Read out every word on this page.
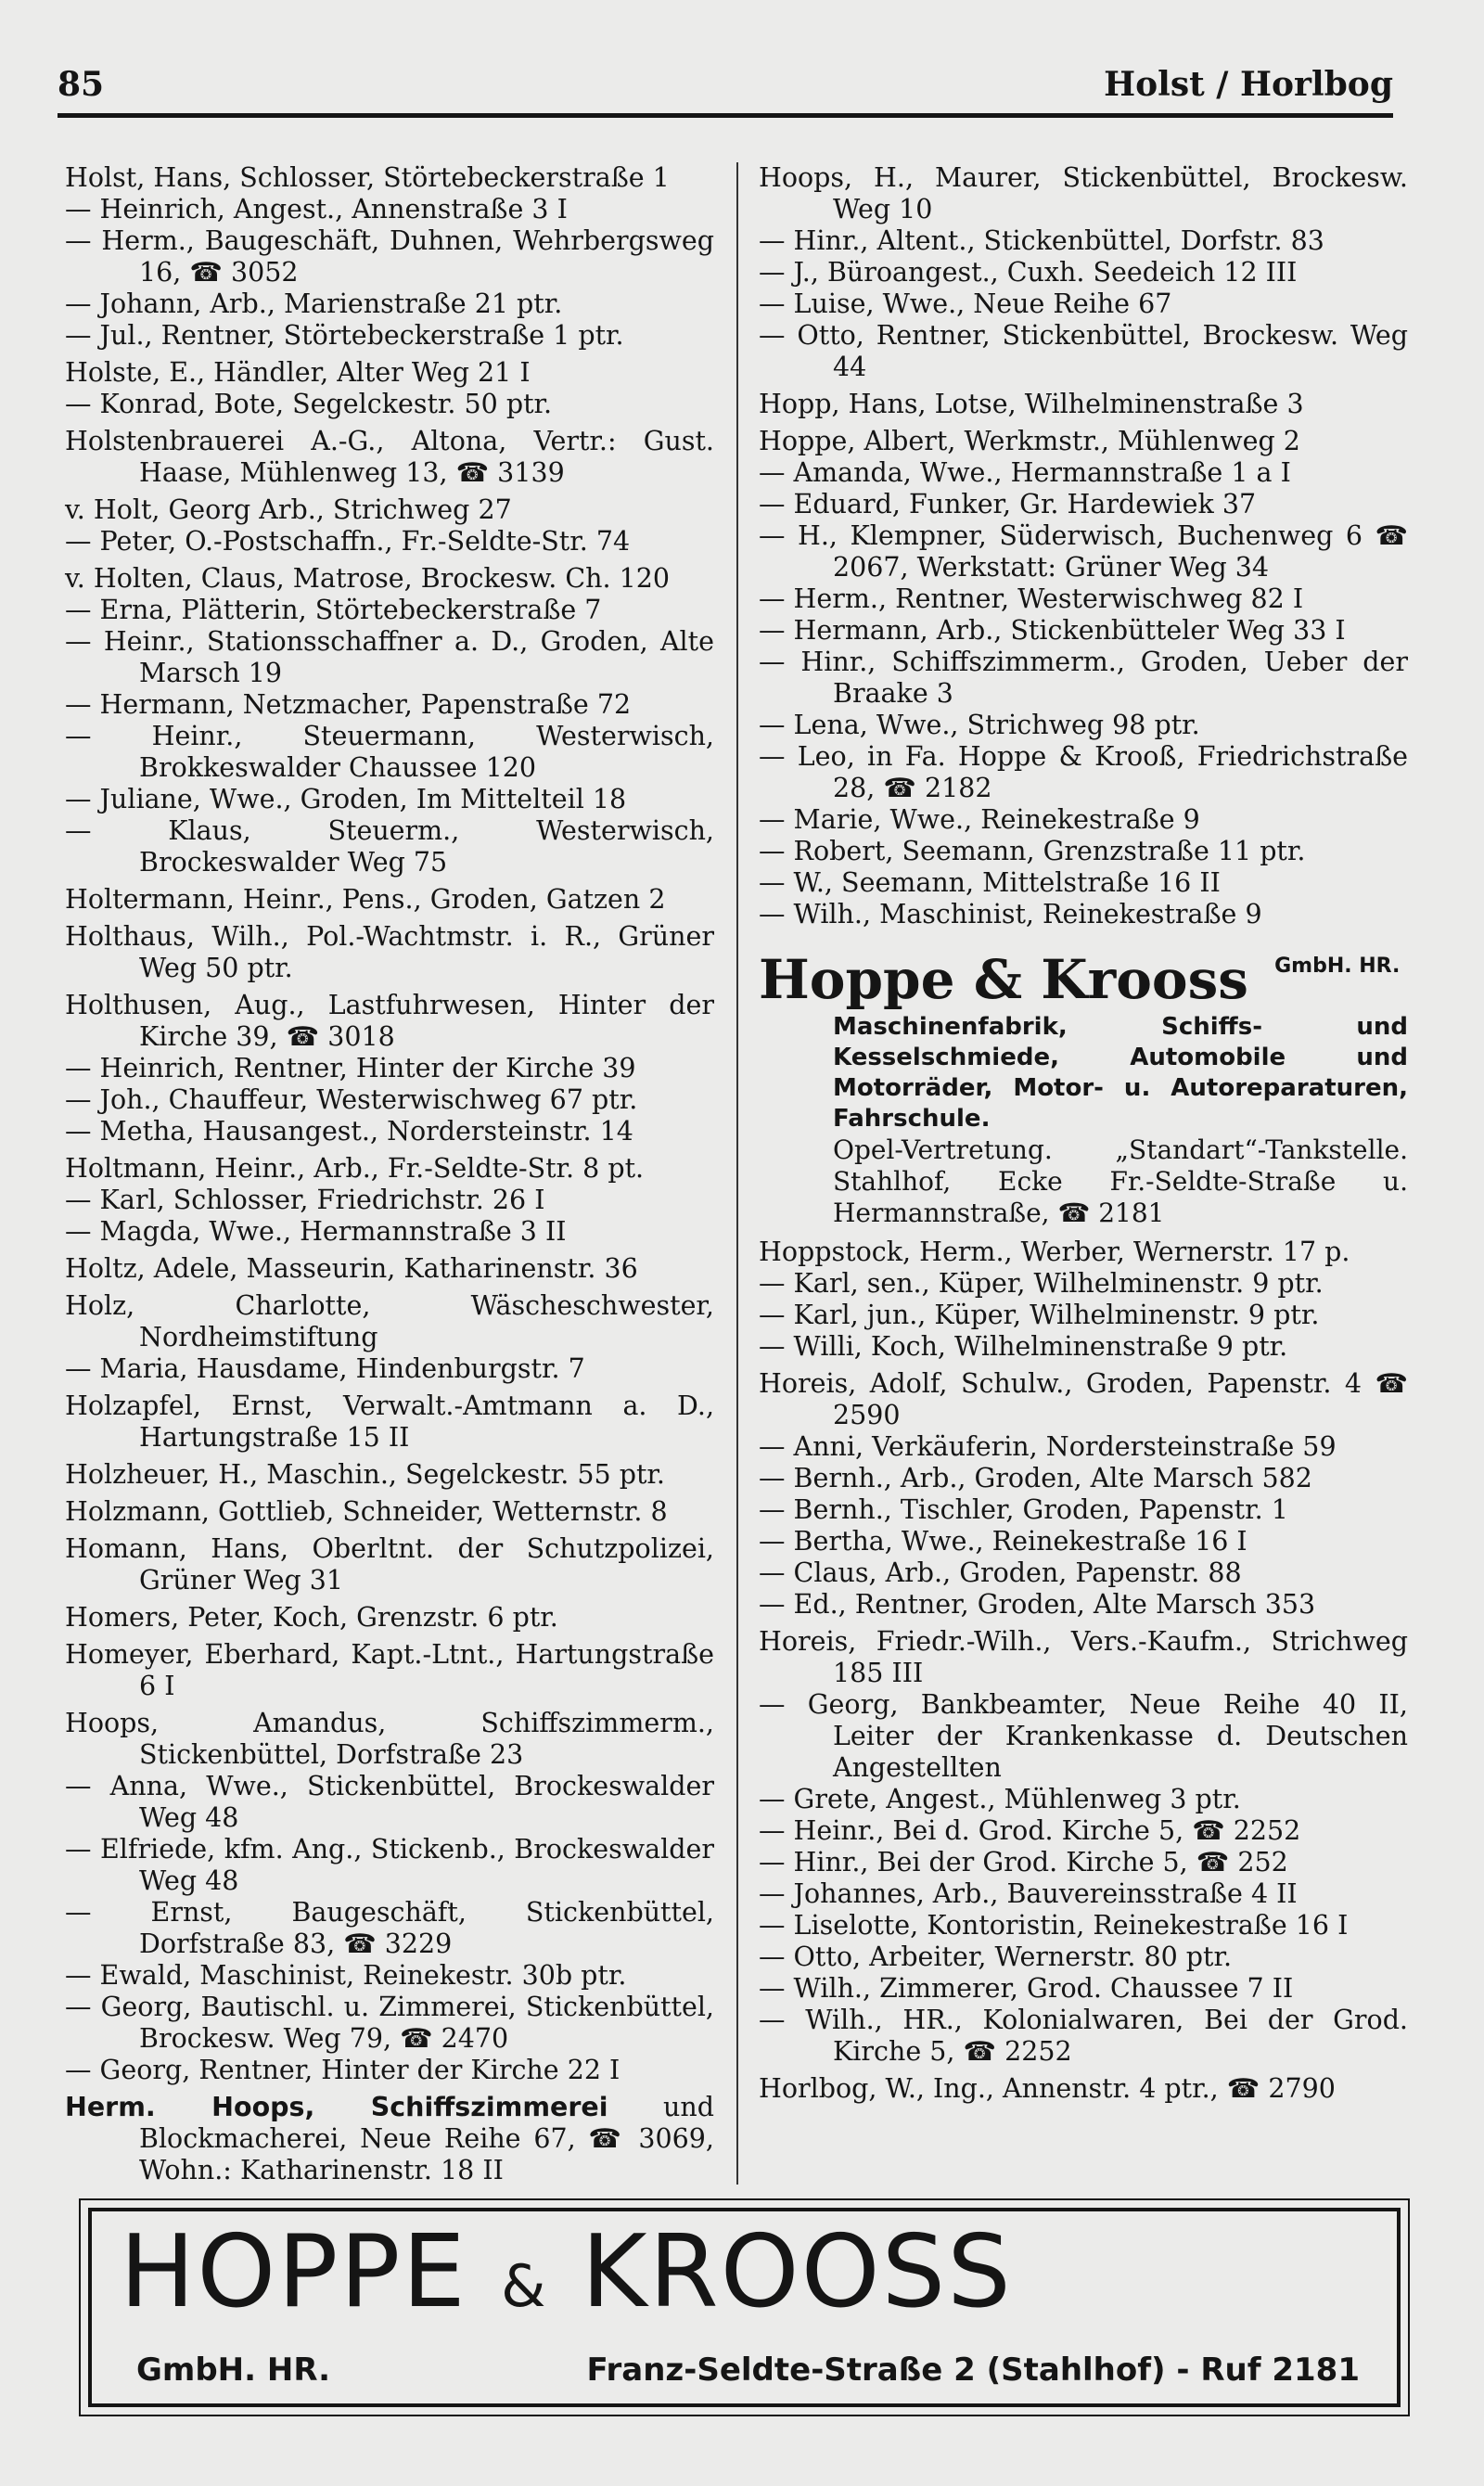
85	Holst / Horlbog
Holst, Hans, Schlosser, Störtebeckerstraße 1
— Heinrich, Angest., Annenstraße 3 I
— Herm., Baugeschäft, Duhnen, Wehrbergsweg 16, ☎ 3052
— Johann, Arb., Marienstraße 21 ptr.
— Jul., Rentner, Störtebeckerstraße 1 ptr.
Holste, E., Händler, Alter Weg 21 I
— Konrad, Bote, Segelckestr. 50 ptr.
Holstenbrauerei A.-G., Altona, Vertr.: Gust. Haase, Mühlenweg 13, ☎ 3139
v. Holt, Georg Arb., Strichweg 27
— Peter, O.-Postschaffn., Fr.-Seldte-Str. 74
v. Holten, Claus, Matrose, Brockesw. Ch. 120
— Erna, Plätterin, Störtebeckerstraße 7
— Heinr., Stationsschaffner a. D., Groden, Alte Marsch 19
— Hermann, Netzmacher, Papenstraße 72
— Heinr., Steuermann, Westerwisch, Brokkeswalder Chaussee 120
— Juliane, Wwe., Groden, Im Mittelteil 18
— Klaus, Steuerm., Westerwisch, Brockeswalder Weg 75
Holtermann, Heinr., Pens., Groden, Gatzen 2
Holthaus, Wilh., Pol.-Wachtmstr. i. R., Grüner Weg 50 ptr.
Holthusen, Aug., Lastfuhrwesen, Hinter der Kirche 39, ☎ 3018
— Heinrich, Rentner, Hinter der Kirche 39
— Joh., Chauffeur, Westerwischweg 67 ptr.
— Metha, Hausangest., Nordersteinstr. 14
Holtmann, Heinr., Arb., Fr.-Seldte-Str. 8 pt.
— Karl, Schlosser, Friedrichstr. 26 I
— Magda, Wwe., Hermannstraße 3 II
Holtz, Adele, Masseurin, Katharinenstr. 36
Holz, Charlotte, Wäscheschwester, Nordheimstiftung
— Maria, Hausdame, Hindenburgstr. 7
Holzapfel, Ernst, Verwalt.-Amtmann a. D., Hartungstraße 15 II
Holzheuer, H., Maschin., Segelckestr. 55 ptr.
Holzmann, Gottlieb, Schneider, Wetternstr. 8
Homann, Hans, Oberltnt. der Schutzpolizei, Grüner Weg 31
Homers, Peter, Koch, Grenzstr. 6 ptr.
Homeyer, Eberhard, Kapt.-Ltnt., Hartungstraße 6 I
Hoops, Amandus, Schiffszimmerm., Stickenbüttel, Dorfstraße 23
— Anna, Wwe., Stickenbüttel, Brockeswalder Weg 48
— Elfriede, kfm. Ang., Stickenb., Brockeswalder Weg 48
— Ernst, Baugeschäft, Stickenbüttel, Dorfstraße 83, ☎ 3229
— Ewald, Maschinist, Reinekestr. 30b ptr.
— Georg, Bautischl. u. Zimmerei, Stickenbüttel, Brockesw. Weg 79, ☎ 2470
— Georg, Rentner, Hinter der Kirche 22 I
Herm. Hoops, Schiffszimmerei und Blockmacherei, Neue Reihe 67, ☎ 3069, Wohn.: Katharinenstr. 18 II
Hoops, H., Maurer, Stickenbüttel, Brockesw. Weg 10
— Hinr., Altent., Stickenbüttel, Dorfstr. 83
— J., Büroangest., Cuxh. Seedeich 12 III
— Luise, Wwe., Neue Reihe 67
— Otto, Rentner, Stickenbüttel, Brockesw. Weg 44
Hopp, Hans, Lotse, Wilhelminenstraße 3
Hoppe, Albert, Werkmstr., Mühlenweg 2
— Amanda, Wwe., Hermannstraße 1 a I
— Eduard, Funker, Gr. Hardewiek 37
— H., Klempner, Süderwisch, Buchenweg 6 ☎ 2067, Werkstatt: Grüner Weg 34
— Herm., Rentner, Westerwischweg 82 I
— Hermann, Arb., Stickenbütteler Weg 33 I
— Hinr., Schiffszimmerm., Groden, Ueber der Braake 3
— Lena, Wwe., Strichweg 98 ptr.
— Leo, in Fa. Hoppe & Krooß, Friedrichstraße 28, ☎ 2182
— Marie, Wwe., Reinekestraße 9
— Robert, Seemann, Grenzstraße 11 ptr.
— W., Seemann, Mittelstraße 16 II
— Wilh., Maschinist, Reinekestraße 9
Hoppe & Krooss GmbH. HR.
Maschinenfabrik, Schiffs- und Kesselschmiede, Automobile und Motorräder, Motor- u. Autoreparaturen, Fahrschule.
Opel-Vertretung. „Standart“-Tankstelle. Stahlhof, Ecke Fr.-Seldte-Straße u. Hermannstraße, ☎ 2181
Hoppstock, Herm., Werber, Wernerstr. 17 p.
— Karl, sen., Küper, Wilhelminenstr. 9 ptr.
— Karl, jun., Küper, Wilhelminenstr. 9 ptr.
— Willi, Koch, Wilhelminenstraße 9 ptr.
Horeis, Adolf, Schulw., Groden, Papenstr. 4 ☎ 2590
— Anni, Verkäuferin, Nordersteinstraße 59
— Bernh., Arb., Groden, Alte Marsch 582
— Bernh., Tischler, Groden, Papenstr. 1
— Bertha, Wwe., Reinekestraße 16 I
— Claus, Arb., Groden, Papenstr. 88
— Ed., Rentner, Groden, Alte Marsch 353
Horeis, Friedr.-Wilh., Vers.-Kaufm., Strichweg 185 III
— Georg, Bankbeamter, Neue Reihe 40 II, Leiter der Krankenkasse d. Deutschen Angestellten
— Grete, Angest., Mühlenweg 3 ptr.
— Heinr., Bei d. Grod. Kirche 5, ☎ 2252
— Hinr., Bei der Grod. Kirche 5, ☎ 252
— Johannes, Arb., Bauvereinsstraße 4 II
— Liselotte, Kontoristin, Reinekestraße 16 I
— Otto, Arbeiter, Wernerstr. 80 ptr.
— Wilh., Zimmerer, Grod. Chaussee 7 II
— Wilh., HR., Kolonialwaren, Bei der Grod. Kirche 5, ☎ 2252
Horlbog, W., Ing., Annenstr. 4 ptr., ☎ 2790
HOPPE & KROOSS
GmbH. HR.	Franz-Seldte-Straße 2 (Stahlhof) - Ruf 2181
